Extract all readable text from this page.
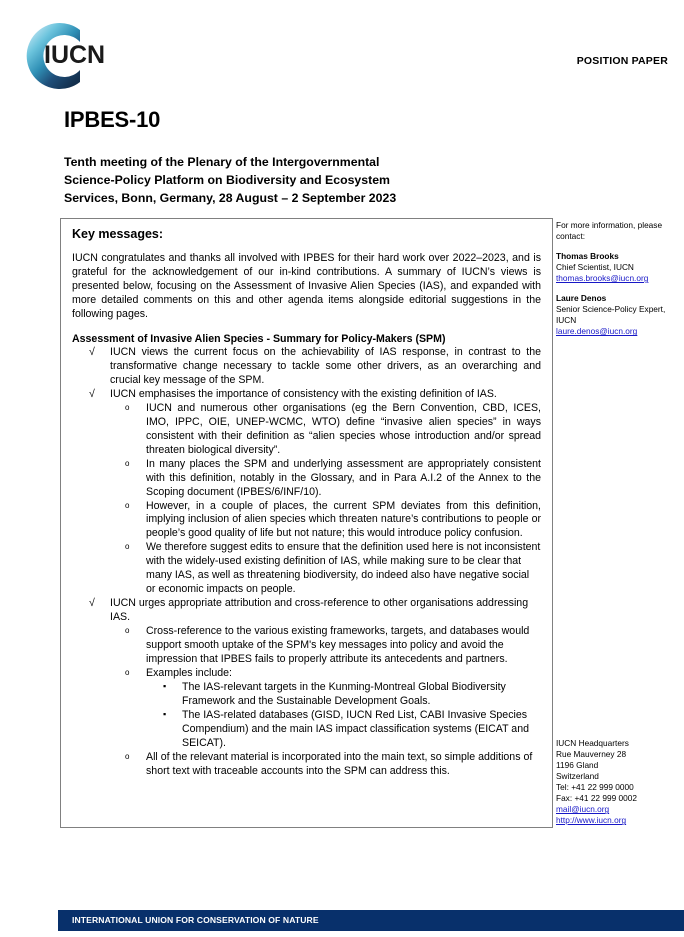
IUCN	POSITION PAPER
IPBES-10
Tenth meeting of the Plenary of the Intergovernmental
Science-Policy Platform on Biodiversity and Ecosystem
Services, Bonn, Germany, 28 August – 2 September 2023
Key messages:

IUCN congratulates and thanks all involved with IPBES for their hard work over 2022–2023, and is grateful for the acknowledgement of our in-kind contributions. A summary of IUCN’s views is presented below, focusing on the Assessment of Invasive Alien Species (IAS), and expanded with more detailed comments on this and other agenda items alongside editorial suggestions in the following pages.

Assessment of Invasive Alien Species - Summary for Policy-Makers (SPM)
√ IUCN views the current focus on the achievability of IAS response, in contrast to the transformative change necessary to tackle some other drivers, as an overarching and crucial key message of the SPM.
√ IUCN emphasises the importance of consistency with the existing definition of IAS.
o IUCN and numerous other organisations (eg the Bern Convention, CBD, ICES, IMO, IPPC, OIE, UNEP-WCMC, WTO) define “invasive alien species” in ways consistent with their definition as “alien species whose introduction and/or spread threaten biological diversity”.
o In many places the SPM and underlying assessment are appropriately consistent with this definition, notably in the Glossary, and in Para A.I.2 of the Annex to the Scoping document (IPBES/6/INF/10).
o However, in a couple of places, the current SPM deviates from this definition, implying inclusion of alien species which threaten nature’s contributions to people or people’s good quality of life but not nature; this would introduce policy confusion.
o We therefore suggest edits to ensure that the definition used here is not inconsistent with the widely-used existing definition of IAS, while making sure to be clear that many IAS, as well as threatening biodiversity, do indeed also have negative social or economic impacts on people.
√ IUCN urges appropriate attribution and cross-reference to other organisations addressing IAS.
o Cross-reference to the various existing frameworks, targets, and databases would support smooth uptake of the SPM's key messages into policy and avoid the impression that IPBES fails to properly attribute its antecedents and partners.
o Examples include:
▪ The IAS-relevant targets in the Kunming-Montreal Global Biodiversity Framework and the Sustainable Development Goals.
▪ The IAS-related databases (GISD, IUCN Red List, CABI Invasive Species Compendium) and the main IAS impact classification systems (EICAT and SEICAT).
o All of the relevant material is incorporated into the main text, so simple additions of short text with traceable accounts into the SPM can address this.
For more information, please contact:
Thomas Brooks
Chief Scientist, IUCN
thomas.brooks@iucn.org
Laure Denos
Senior Science-Policy Expert, IUCN
laure.denos@iucn.org
IUCN Headquarters
Rue Mauverney 28
1196 Gland
Switzerland
Tel: +41 22 999 0000
Fax: +41 22 999 0002
mail@iucn.org
http://www.iucn.org
INTERNATIONAL UNION FOR CONSERVATION OF NATURE
